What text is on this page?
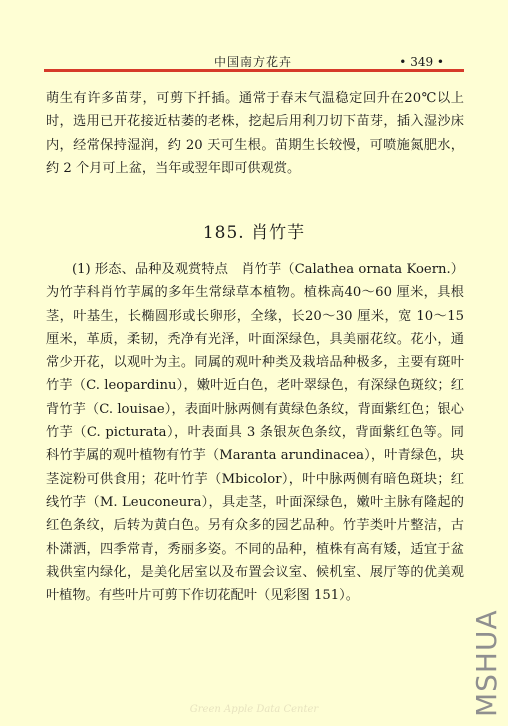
中国南方花卉	• 349 •

萌生有许多苗芽，可剪下扦插。通常于春末气温稳定回升在20℃以上时，选用已开花接近枯萎的老株，挖起后用利刀切下苗芽，插入湿沙床内，经常保持湿润，约 20 天可生根。苗期生长较慢，可喷施氮肥水，约 2 个月可上盆，当年或翌年即可供观赏。

185. 肖竹芋

(1) 形态、品种及观赏特点　肖竹芋（Calathea ornata Koern.）为竹芋科肖竹芋属的多年生常绿草本植物。植株高40～60 厘米，具根茎，叶基生，长椭圆形或长卵形，全缘，长20～30 厘米，宽 10～15 厘米，革质，柔韧，秃净有光泽，叶面深绿色，具美丽花纹。花小，通常少开花，以观叶为主。同属的观叶种类及栽培品种极多，主要有斑叶竹芋（C. leopardinu），嫩叶近白色，老叶翠绿色，有深绿色斑纹；红背竹芋（C. louisae），表面叶脉两侧有黄绿色条纹，背面紫红色；银心竹芋（C. picturata），叶表面具 3 条银灰色条纹，背面紫红色等。同科竹芋属的观叶植物有竹芋（Maranta arundinacea），叶青绿色，块茎淀粉可供食用；花叶竹芋（Mbicolor），叶中脉两侧有暗色斑块；红线竹芋（M. Leuconeura），具走茎，叶面深绿色，嫩叶主脉有隆起的红色条纹，后转为黄白色。另有众多的园艺品种。竹芋类叶片整洁，古朴潇洒，四季常青，秀丽多姿。不同的品种，植株有高有矮，适宜于盆栽供室内绿化，是美化居室以及布置会议室、候机室、展厅等的优美观叶植物。有些叶片可剪下作切花配叶（见彩图 151）。

MSHUA
Green Apple Data Center
